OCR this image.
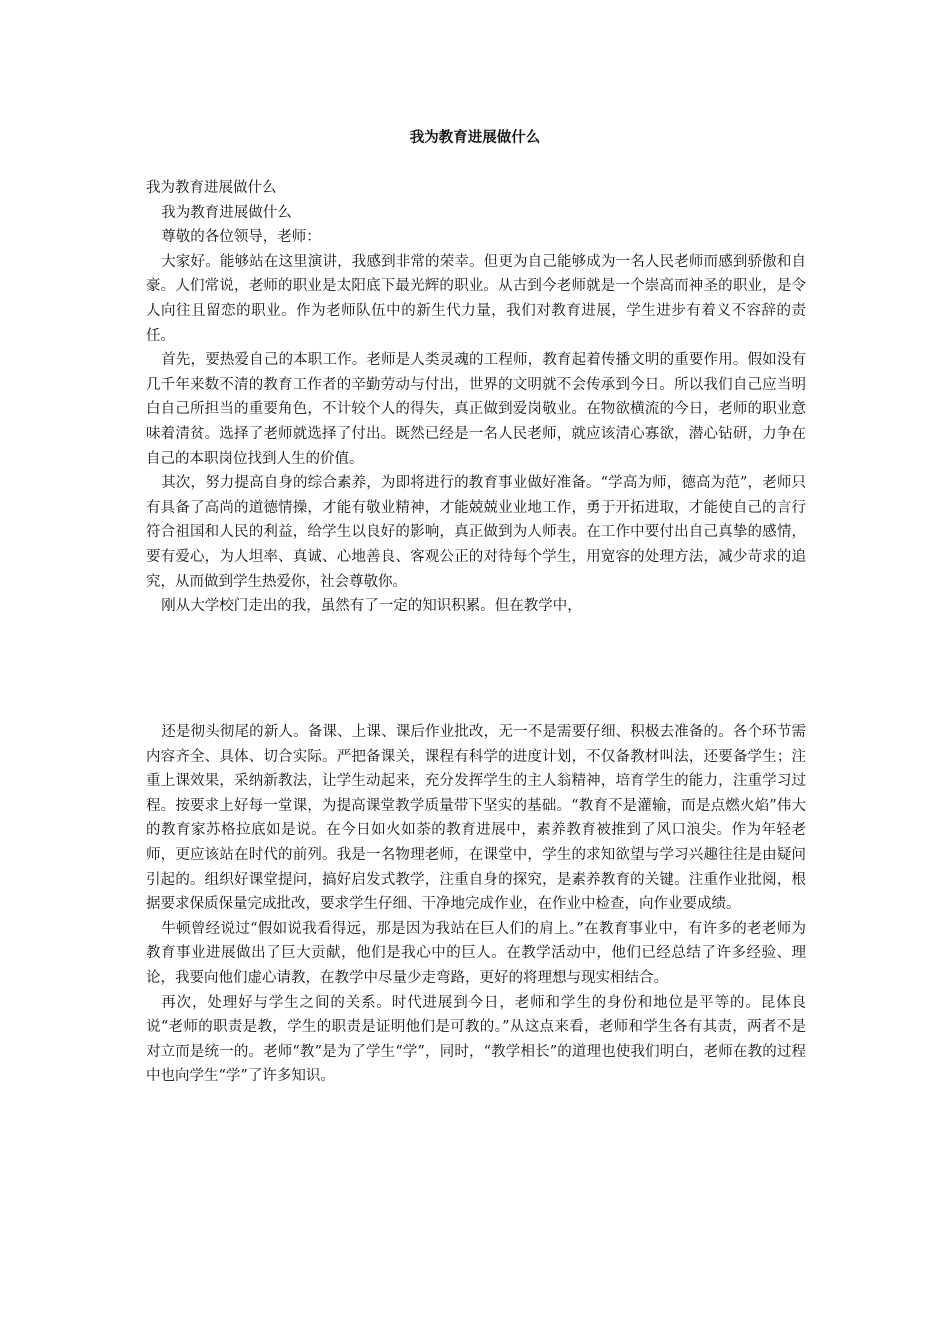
我为教育进展做什么

我为教育进展做什么

我为教育进展做什么

尊敬的各位领导，老师：

大家好。能够站在这里演讲，我感到非常的荣幸。但更为自己能够成为一名人民老师而感到骄傲和自豪。人们常说，老师的职业是太阳底下最光辉的职业。从古到今老师就是一个崇高而神圣的职业，是令人向往且留恋的职业。作为老师队伍中的新生代力量，我们对教育进展，学生进步有着义不容辞的责任。

首先，要热爱自己的本职工作。老师是人类灵魂的工程师，教育起着传播文明的重要作用。假如没有几千年来数不清的教育工作者的辛勤劳动与付出，世界的文明就不会传承到今日。所以我们自己应当明白自己所担当的重要角色，不计较个人的得失，真正做到爱岗敬业。在物欲横流的今日，老师的职业意味着清贫。选择了老师就选择了付出。既然已经是一名人民老师，就应该清心寡欲，潜心钻研，力争在自己的本职岗位找到人生的价值。

其次，努力提高自身的综合素养，为即将进行的教育事业做好准备。“学高为师，德高为范”，老师只有具备了高尚的道德情操，才能有敬业精神，才能兢兢业业地工作，勇于开拓进取，才能使自己的言行符合祖国和人民的利益，给学生以良好的影响，真正做到为人师表。在工作中要付出自己真挚的感情，要有爱心，为人坦率、真诚、心地善良、客观公正的对待每个学生，用宽容的处理方法，减少苛求的追究，从而做到学生热爱你，社会尊敬你。

刚从大学校门走出的我，虽然有了一定的知识积累。但在教学中，

还是彻头彻尾的新人。备课、上课、课后作业批改，无一不是需要仔细、积极去准备的。各个环节需内容齐全、具体、切合实际。严把备课关，课程有科学的进度计划，不仅备教材叫法，还要备学生；注重上课效果，采纳新教法，让学生动起来，充分发挥学生的主人翁精神，培育学生的能力，注重学习过程。按要求上好每一堂课，为提高课堂教学质量带下坚实的基础。“教育不是灌输，而是点燃火焰”伟大的教育家苏格拉底如是说。在今日如火如荼的教育进展中，素养教育被推到了风口浪尖。作为年轻老师，更应该站在时代的前列。我是一名物理老师，在课堂中，学生的求知欲望与学习兴趣往往是由疑问引起的。组织好课堂提问，搞好启发式教学，注重自身的探究，是素养教育的关键。注重作业批阅，根据要求保质保量完成批改，要求学生仔细、干净地完成作业，在作业中检查，向作业要成绩。

牛顿曾经说过“假如说我看得远，那是因为我站在巨人们的肩上。”在教育事业中，有许多的老老师为教育事业进展做出了巨大贡献，他们是我心中的巨人。在教学活动中，他们已经总结了许多经验、理论，我要向他们虚心请教，在教学中尽量少走弯路，更好的将理想与现实相结合。

再次，处理好与学生之间的关系。时代进展到今日，老师和学生的身份和地位是平等的。昆体良说“老师的职责是教，学生的职责是证明他们是可教的。”从这点来看，老师和学生各有其责，两者不是对立而是统一的。老师“教”是为了学生“学”，同时，“教学相长”的道理也使我们明白，老师在教的过程中也向学生“学”了许多知识。
